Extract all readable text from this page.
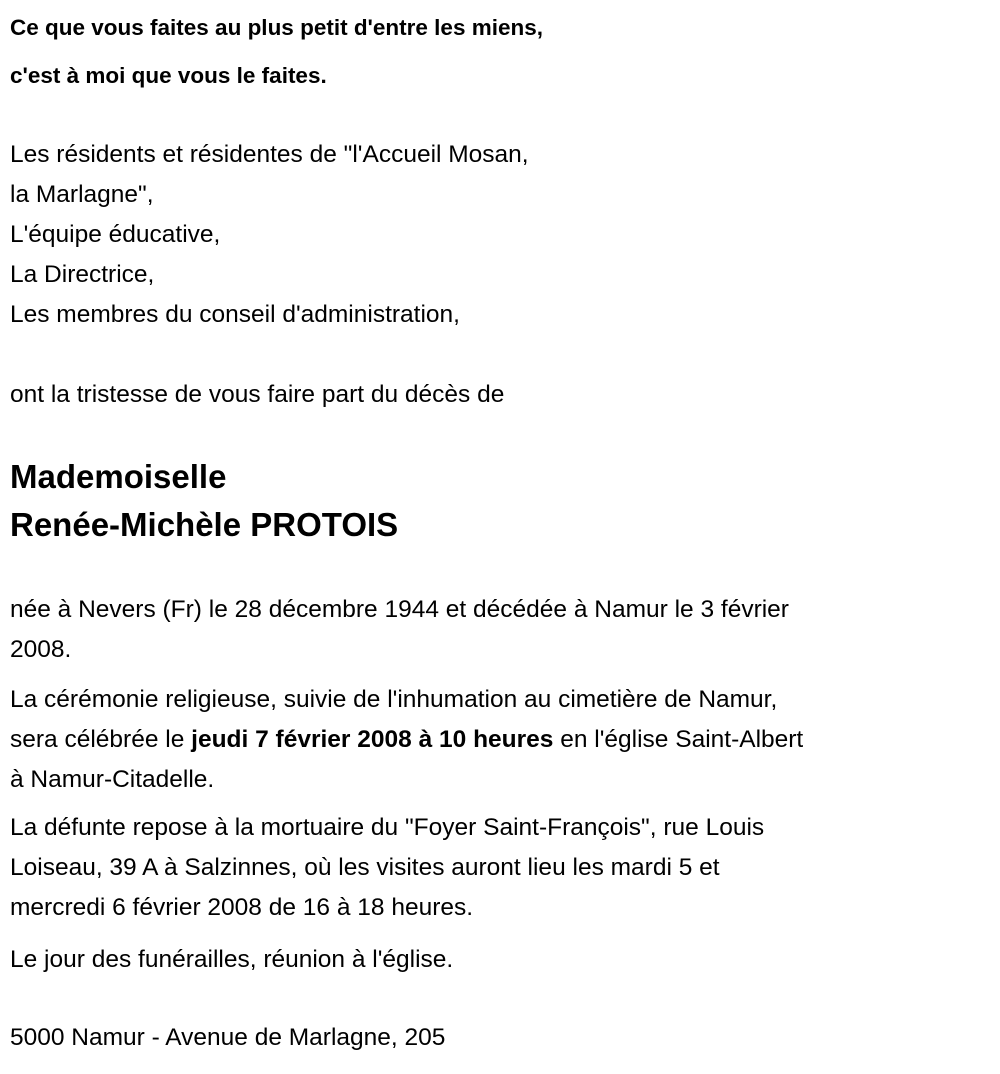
Ce que vous faites au plus petit d'entre les miens,
c'est à moi que vous le faites.
Les résidents et résidentes de "l'Accueil Mosan,
la Marlagne",
L'équipe éducative,
La Directrice,
Les membres du conseil d'administration,
ont la tristesse de vous faire part du décès de
Mademoiselle
Renée-Michèle PROTOIS
née à Nevers (Fr) le 28 décembre 1944 et décédée à Namur le 3 février
2008.
La cérémonie religieuse, suivie de l'inhumation au cimetière de Namur,
sera célébrée le jeudi 7 février 2008 à 10 heures en l'église Saint-Albert
à Namur-Citadelle.
La défunte repose à la mortuaire du "Foyer Saint-François", rue Louis
Loiseau, 39 A à Salzinnes, où les visites auront lieu les mardi 5 et
mercredi 6 février 2008 de 16 à 18 heures.
Le jour des funérailles, réunion à l'église.
5000 Namur - Avenue de Marlagne, 205
